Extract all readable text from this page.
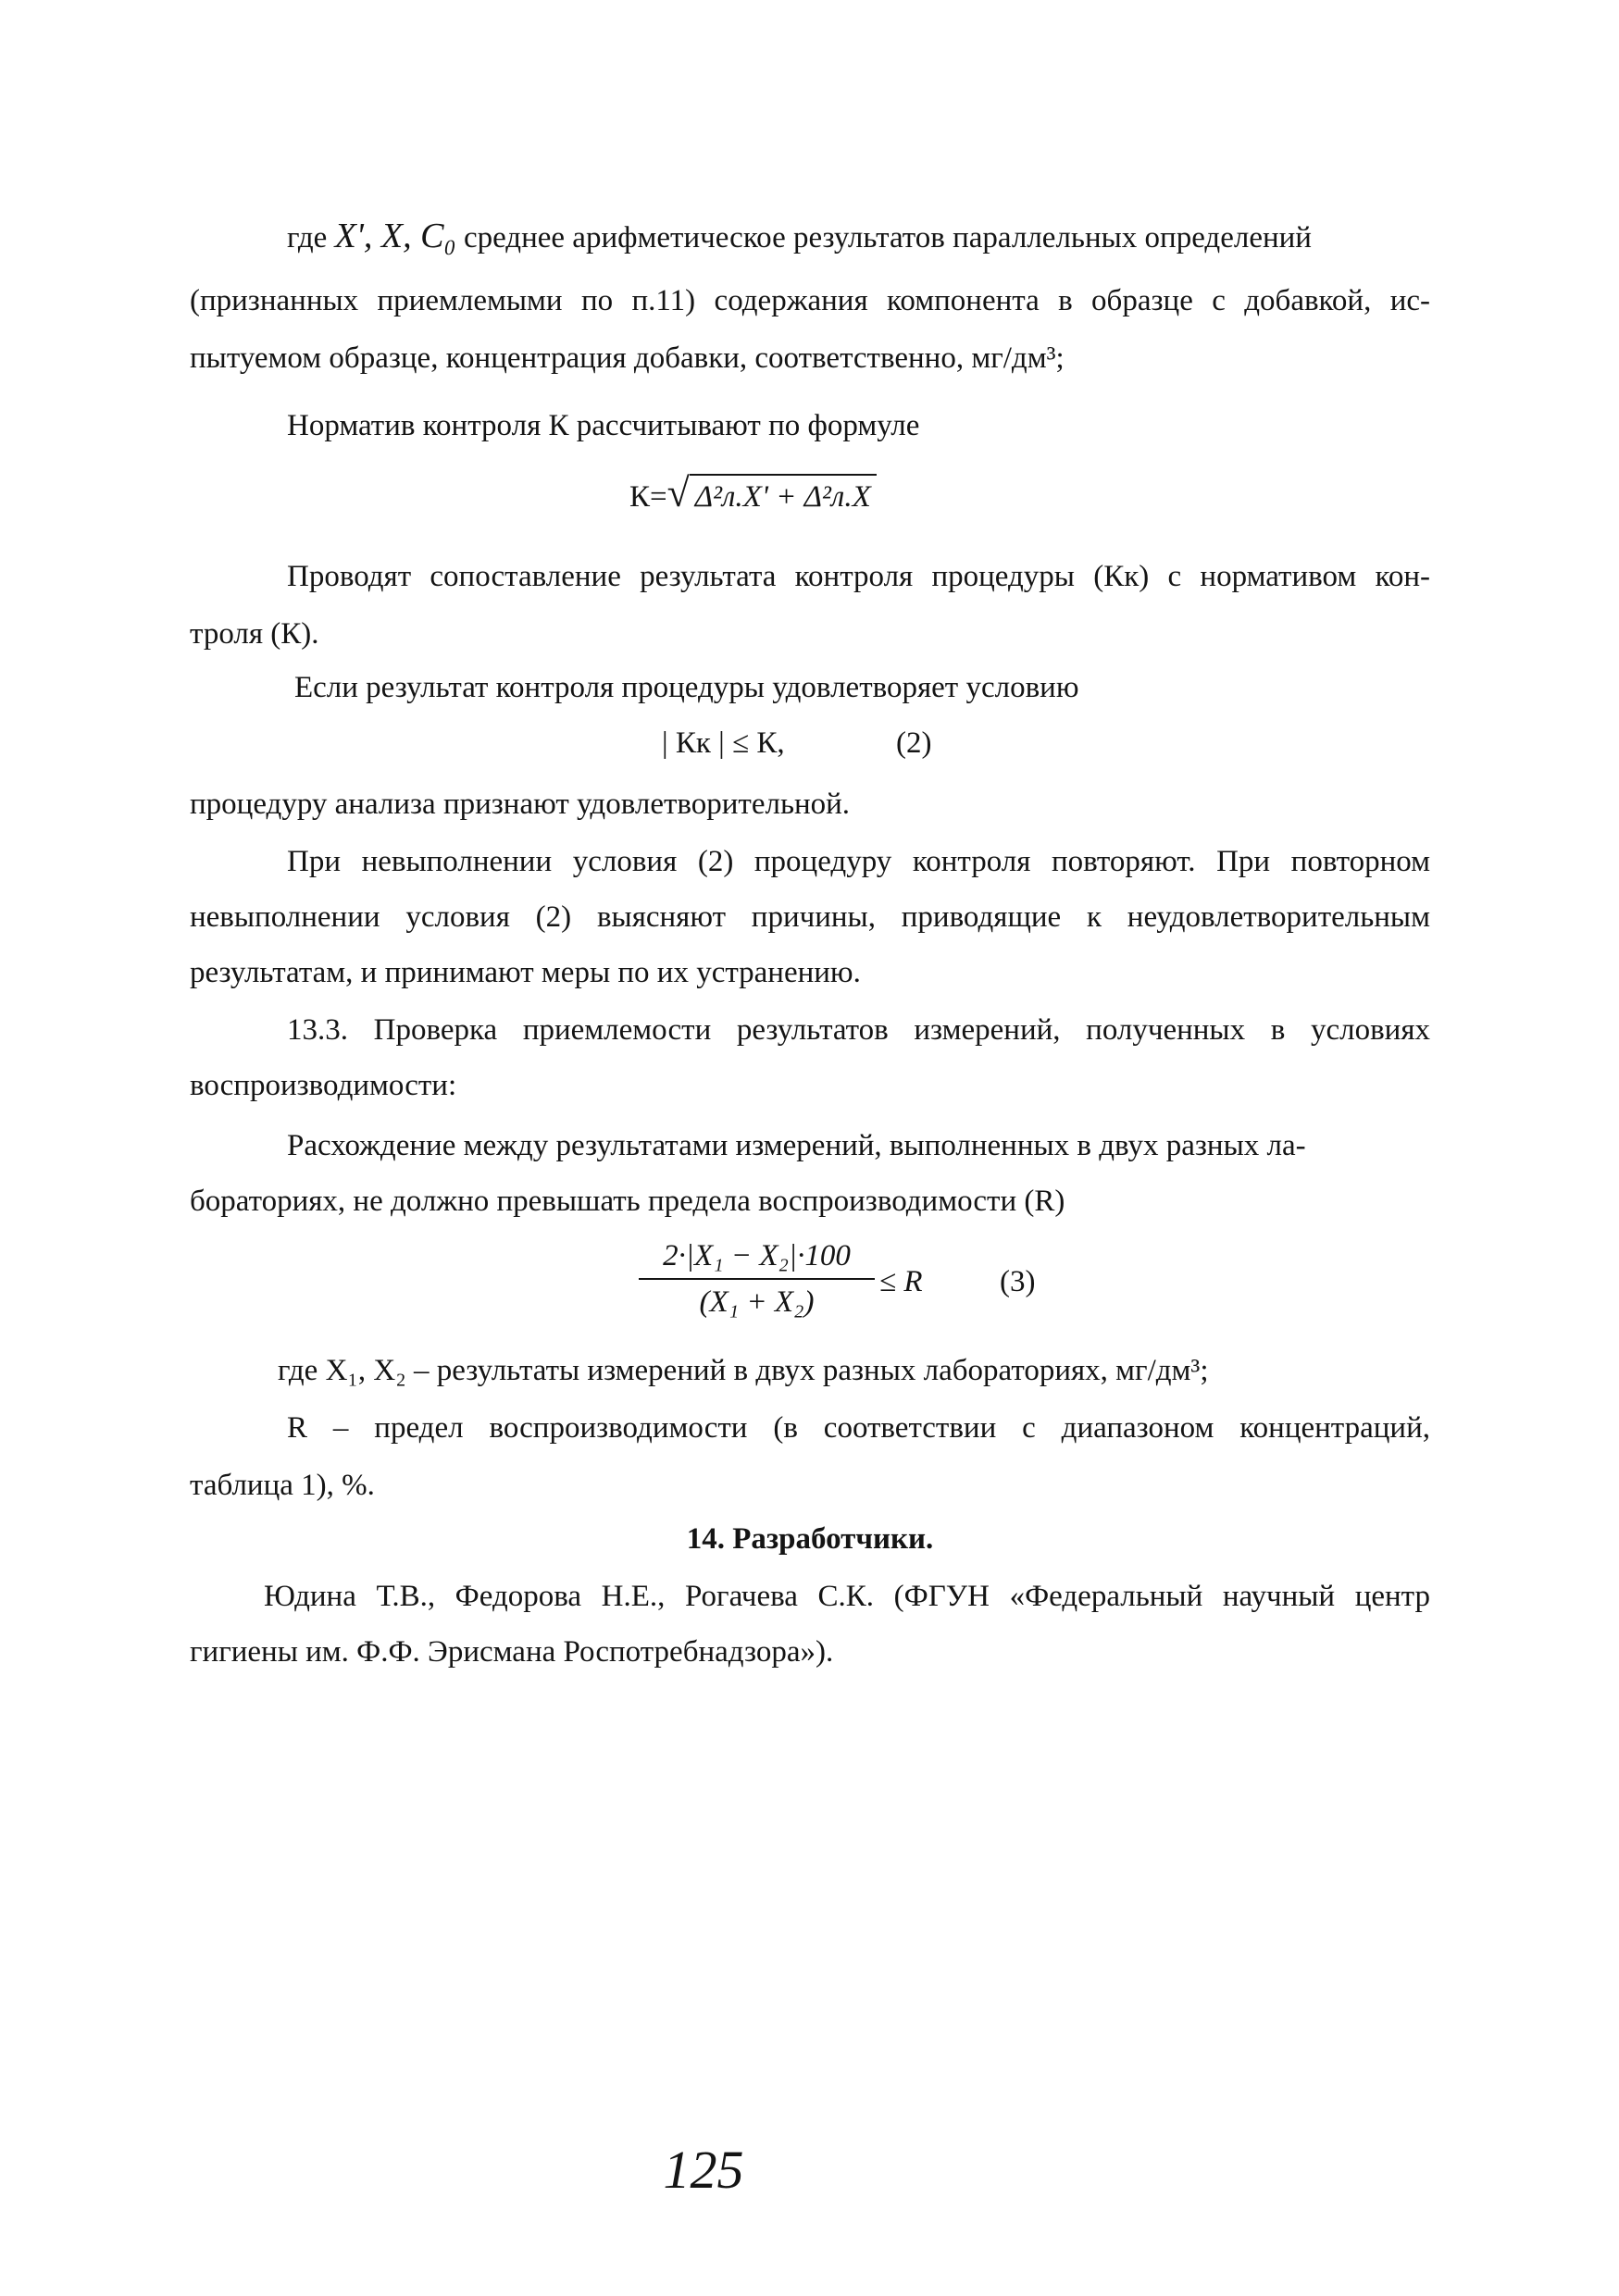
где X', X, C₀ среднее арифметическое результатов параллельных определений
(признанных приемлемыми по п.11) содержания компонента в образце с добавкой, ис-
пытуемом образце, концентрация добавки, соответственно, мг/дм³;
Норматив контроля К рассчитывают по формуле
К=√ Δ²л.Х' + Δ²л.Х
Проводят сопоставление результата контроля процедуры (Кк) с нормативом кон-
троля (К).
Если результат контроля процедуры удовлетворяет условию
| Кк | ≤ К,	(2)
процедуру анализа признают удовлетворительной.
При невыполнении условия (2) процедуру контроля повторяют. При повторном
невыполнении условия (2) выясняют причины, приводящие к неудовлетворительным
результатам, и принимают меры по их устранению.
13.3. Проверка приемлемости результатов измерений, полученных в условиях
воспроизводимости:
Расхождение между результатами измерений, выполненных в двух разных ла-
бораториях, не должно превышать предела воспроизводимости (R)
2·|X₁ − X₂|·100
(X₁ + X₂)
≤ R	(3)
где X₁, X₂ – результаты измерений в двух разных лабораториях, мг/дм³;
R – предел воспроизводимости (в соответствии с диапазоном концентраций,
таблица 1), %.
14. Разработчики.
Юдина Т.В., Федорова Н.Е., Рогачева С.К. (ФГУН «Федеральный научный центр
гигиены им. Ф.Ф. Эрисмана Роспотребнадзора»).
125
